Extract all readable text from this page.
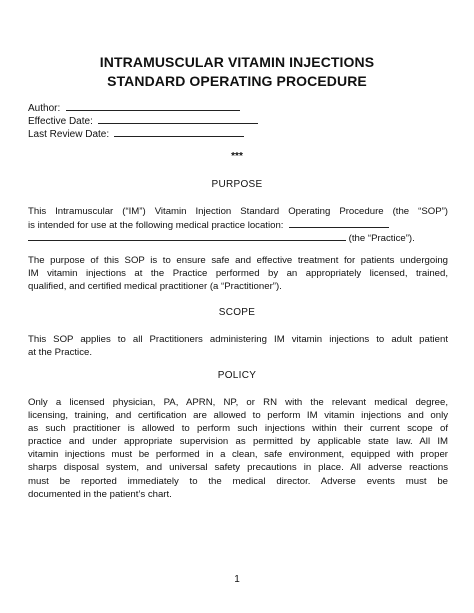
INTRAMUSCULAR VITAMIN INJECTIONS
STANDARD OPERATING PROCEDURE
Author:
Effective Date:
Last Review Date:
***
PURPOSE
This Intramuscular (“IM”) Vitamin Injection Standard Operating Procedure (the “SOP”)
is intended for use at the following medical practice location:
(the “Practice”).
The purpose of this SOP is to ensure safe and effective treatment for patients undergoing
IM vitamin injections at the Practice performed by an appropriately licensed, trained,
qualified, and certified medical practitioner (a “Practitioner”).
SCOPE
This SOP applies to all Practitioners administering IM vitamin injections to adult patient
at the Practice.
POLICY
Only a licensed physician, PA, APRN, NP, or RN with the relevant medical degree,
licensing, training, and certification are allowed to perform IM vitamin injections and only
as such practitioner is allowed to perform such injections within their current scope of
practice and under appropriate supervision as permitted by applicable state law. All IM
vitamin injections must be performed in a clean, safe environment, equipped with proper
sharps disposal system, and universal safety precautions in place. All adverse reactions
must be reported immediately to the medical director. Adverse events must be
documented in the patient’s chart.
1
